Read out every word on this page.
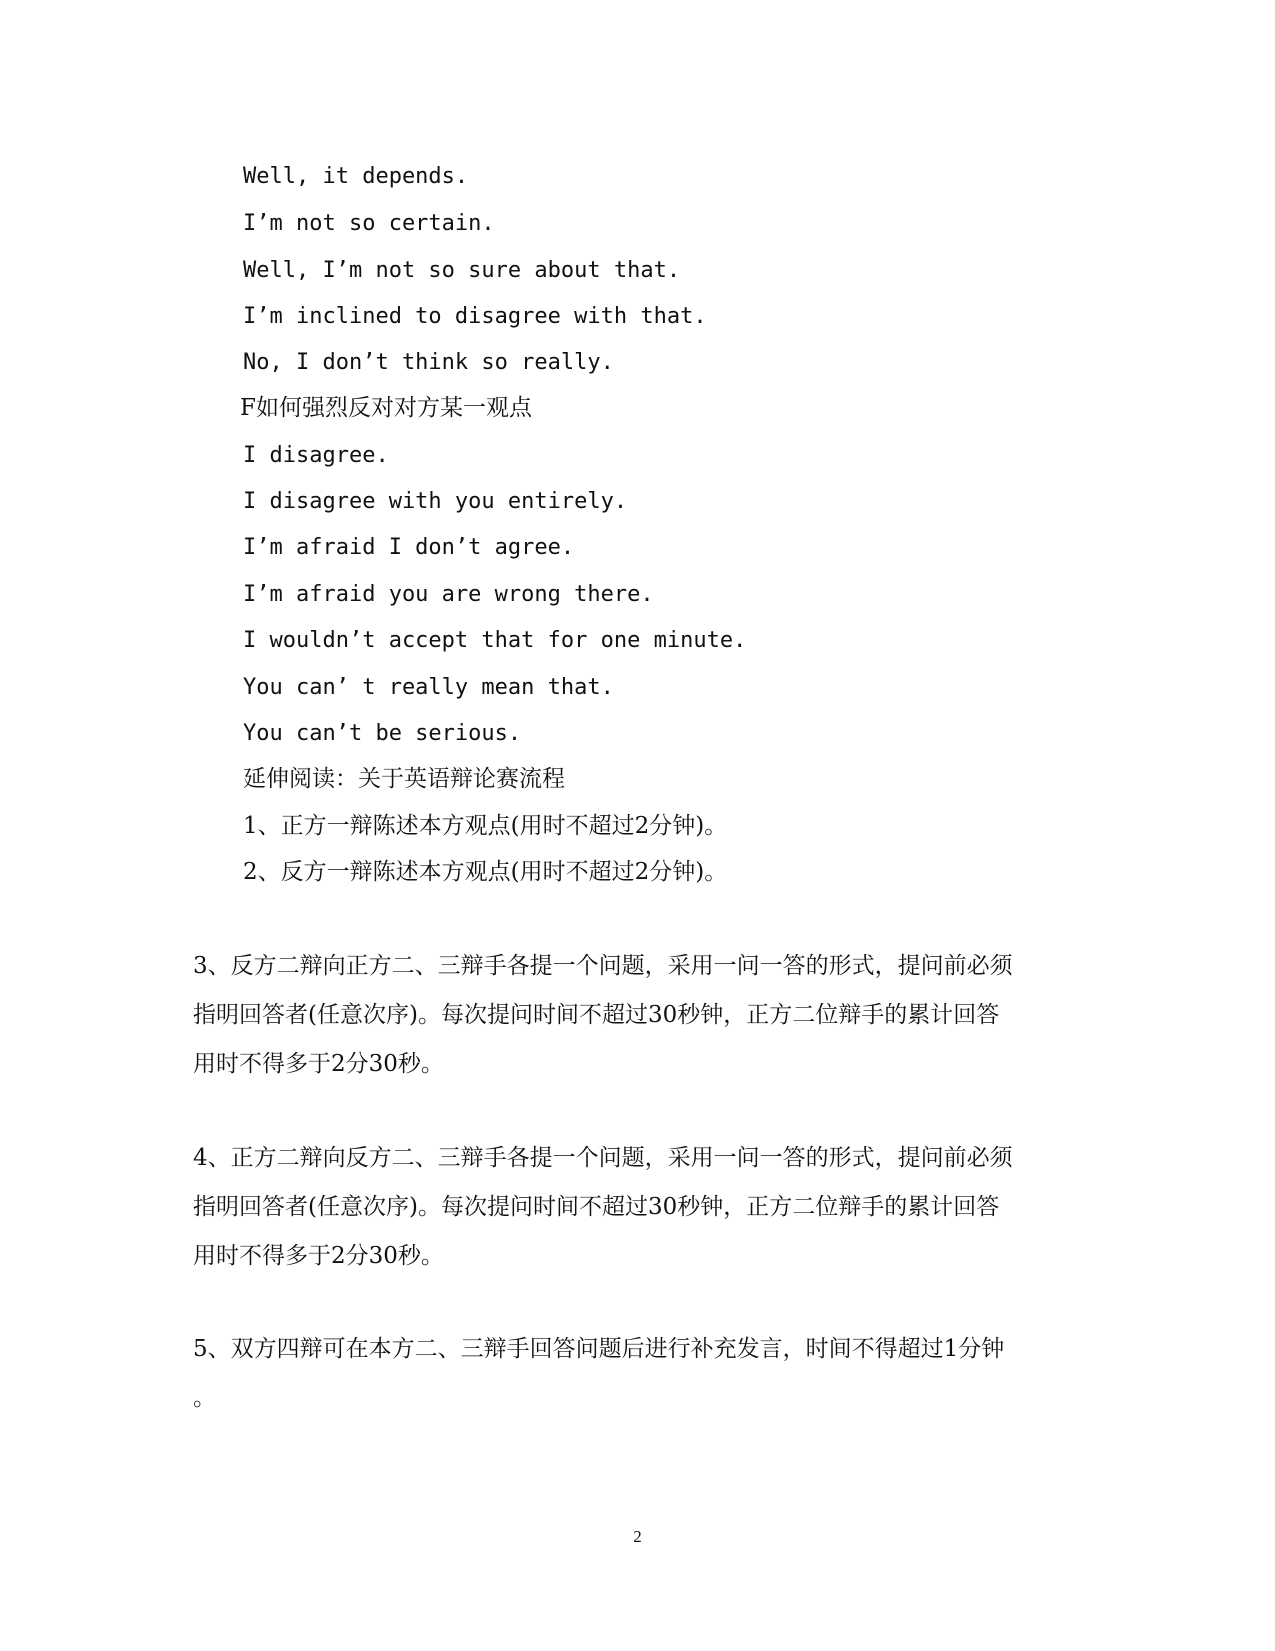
Well, it depends.
I’m not so certain.
Well, I’m not so sure about that.
I’m inclined to disagree with that.
No, I don’t think so really.
F如何强烈反对对方某一观点
I disagree.
I disagree with you entirely.
I’m afraid I don’t agree.
I’m afraid you are wrong there.
I wouldn’t accept that for one minute.
You can’ t really mean that.
You can’t be serious.
延伸阅读：关于英语辩论赛流程
1、正方一辩陈述本方观点(用时不超过2分钟)。
2、反方一辩陈述本方观点(用时不超过2分钟)。

3、反方二辩向正方二、三辩手各提一个问题，采用一问一答的形式，提问前必须

指明回答者(任意次序)。每次提问时间不超过30秒钟，正方二位辩手的累计回答

用时不得多于2分30秒。

4、正方二辩向反方二、三辩手各提一个问题，采用一问一答的形式，提问前必须

指明回答者(任意次序)。每次提问时间不超过30秒钟，正方二位辩手的累计回答

用时不得多于2分30秒。

5、双方四辩可在本方二、三辩手回答问题后进行补充发言，时间不得超过1分钟

。

2
